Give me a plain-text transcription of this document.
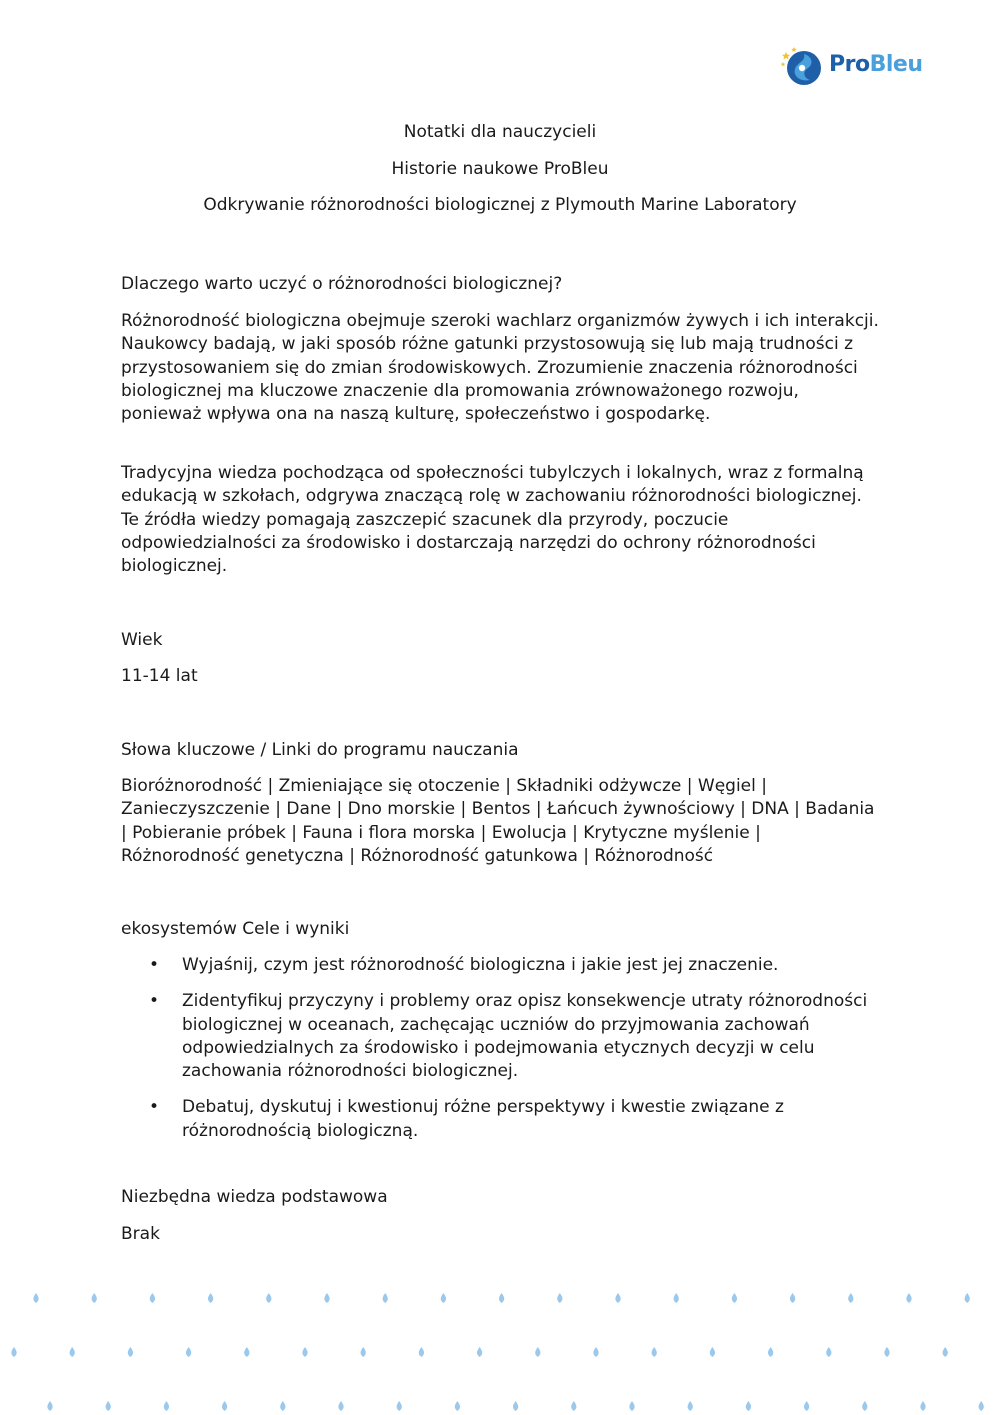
ProBleu
Notatki dla nauczycieli
Historie naukowe ProBleu
Odkrywanie różnorodności biologicznej z Plymouth Marine Laboratory
Dlaczego warto uczyć o różnorodności biologicznej?

Różnorodność biologiczna obejmuje szeroki wachlarz organizmów żywych i ich interakcji. Naukowcy badają, w jaki sposób różne gatunki przystosowują się lub mają trudności z przystosowaniem się do zmian środowiskowych. Zrozumienie znaczenia różnorodności biologicznej ma kluczowe znaczenie dla promowania zrównoważonego rozwoju, ponieważ wpływa ona na naszą kulturę, społeczeństwo i gospodarkę.

Tradycyjna wiedza pochodząca od społeczności tubylczych i lokalnych, wraz z formalną edukacją w szkołach, odgrywa znaczącą rolę w zachowaniu różnorodności biologicznej. Te źródła wiedzy pomagają zaszczepić szacunek dla przyrody, poczucie odpowiedzialności za środowisko i dostarczają narzędzi do ochrony różnorodności biologicznej.

Wiek
11-14 lat
Słowa kluczowe / Linki do programu nauczania

Bioróżnorodność | Zmieniające się otoczenie | Składniki odżywcze | Węgiel | Zanieczyszczenie | Dane | Dno morskie | Bentos | Łańcuch żywnościowy | DNA | Badania | Pobieranie próbek | Fauna i flora morska | Ewolucja | Krytyczne myślenie | Różnorodność genetyczna | Różnorodność gatunkowa | Różnorodność

ekosystemów Cele i wyniki
• Wyjaśnij, czym jest różnorodność biologiczna i jakie jest jej znaczenie.
• Zidentyfikuj przyczyny i problemy oraz opisz konsekwencje utraty różnorodności biologicznej w oceanach, zachęcając uczniów do przyjmowania zachowań odpowiedzialnych za środowisko i podejmowania etycznych decyzji w celu zachowania różnorodności biologicznej.
• Debatuj, dyskutuj i kwestionuj różne perspektywy i kwestie związane z różnorodnością biologiczną.
Niezbędna wiedza podstawowa
Brak
